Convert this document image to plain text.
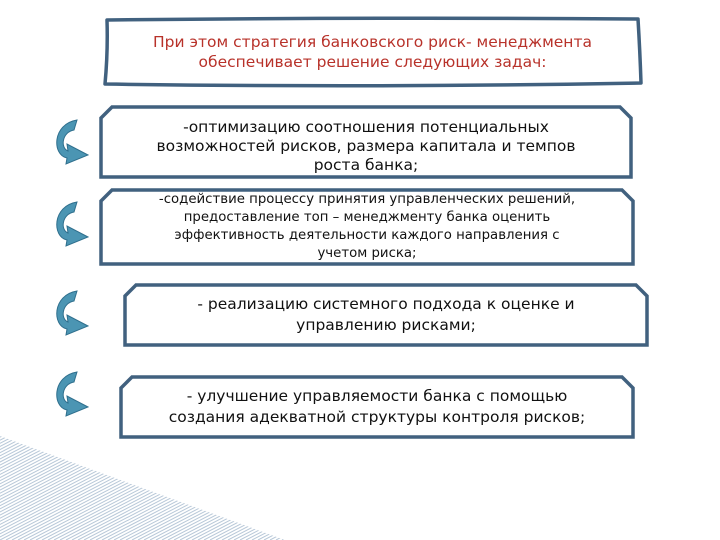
При этом стратегия банковского риск- менеджмента
обеспечивает решение следующих задач:
-оптимизацию соотношения потенциальных
возможностей рисков, размера капитала и темпов
роста банка;
-содействие процессу принятия управленческих решений,
предоставление топ – менеджменту банка оценить
эффективность деятельности каждого направления с
учетом риска;
- реализацию системного подхода к оценке и
управлению рисками;
- улучшение управляемости банка с помощью
создания адекватной структуры контроля рисков;
